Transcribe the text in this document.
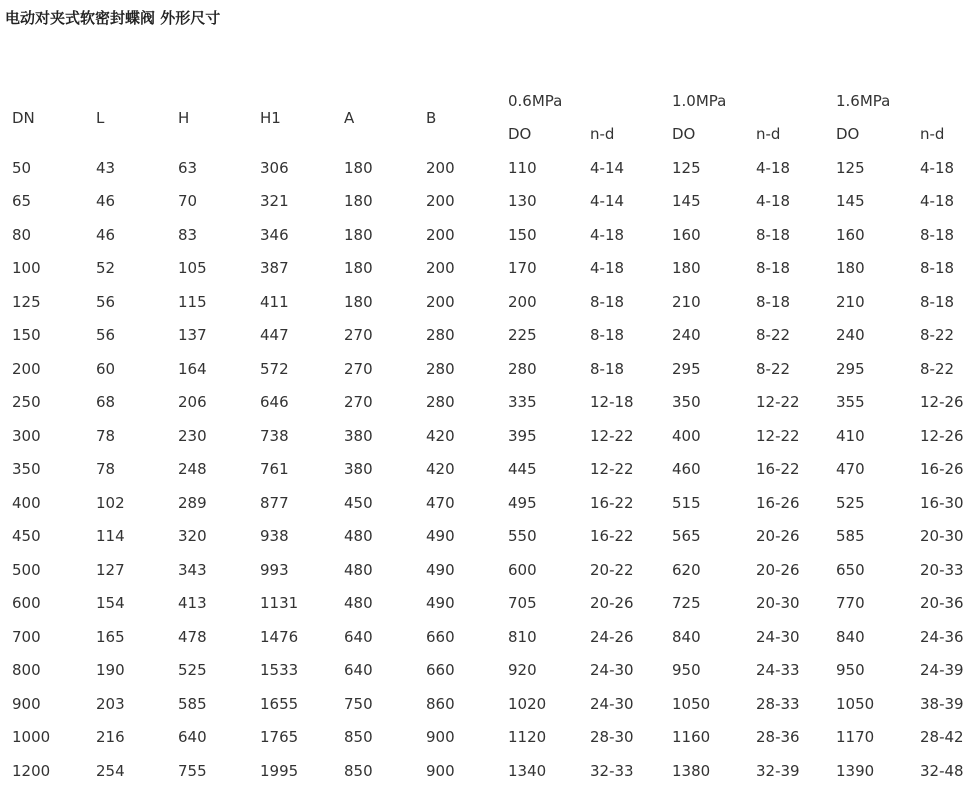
电动对夹式软密封蝶阀 外形尺寸
DN	L	H	H1	A	B	0.6MPa		1.0MPa		1.6MPa	
						DO	n-d	DO	n-d	DO	n-d
50	43	63	306	180	200	110	4-14	125	4-18	125	4-18
65	46	70	321	180	200	130	4-14	145	4-18	145	4-18
80	46	83	346	180	200	150	4-18	160	8-18	160	8-18
100	52	105	387	180	200	170	4-18	180	8-18	180	8-18
125	56	115	411	180	200	200	8-18	210	8-18	210	8-18
150	56	137	447	270	280	225	8-18	240	8-22	240	8-22
200	60	164	572	270	280	280	8-18	295	8-22	295	8-22
250	68	206	646	270	280	335	12-18	350	12-22	355	12-26
300	78	230	738	380	420	395	12-22	400	12-22	410	12-26
350	78	248	761	380	420	445	12-22	460	16-22	470	16-26
400	102	289	877	450	470	495	16-22	515	16-26	525	16-30
450	114	320	938	480	490	550	16-22	565	20-26	585	20-30
500	127	343	993	480	490	600	20-22	620	20-26	650	20-33
600	154	413	1131	480	490	705	20-26	725	20-30	770	20-36
700	165	478	1476	640	660	810	24-26	840	24-30	840	24-36
800	190	525	1533	640	660	920	24-30	950	24-33	950	24-39
900	203	585	1655	750	860	1020	24-30	1050	28-33	1050	38-39
1000	216	640	1765	850	900	1120	28-30	1160	28-36	1170	28-42
1200	254	755	1995	850	900	1340	32-33	1380	32-39	1390	32-48
